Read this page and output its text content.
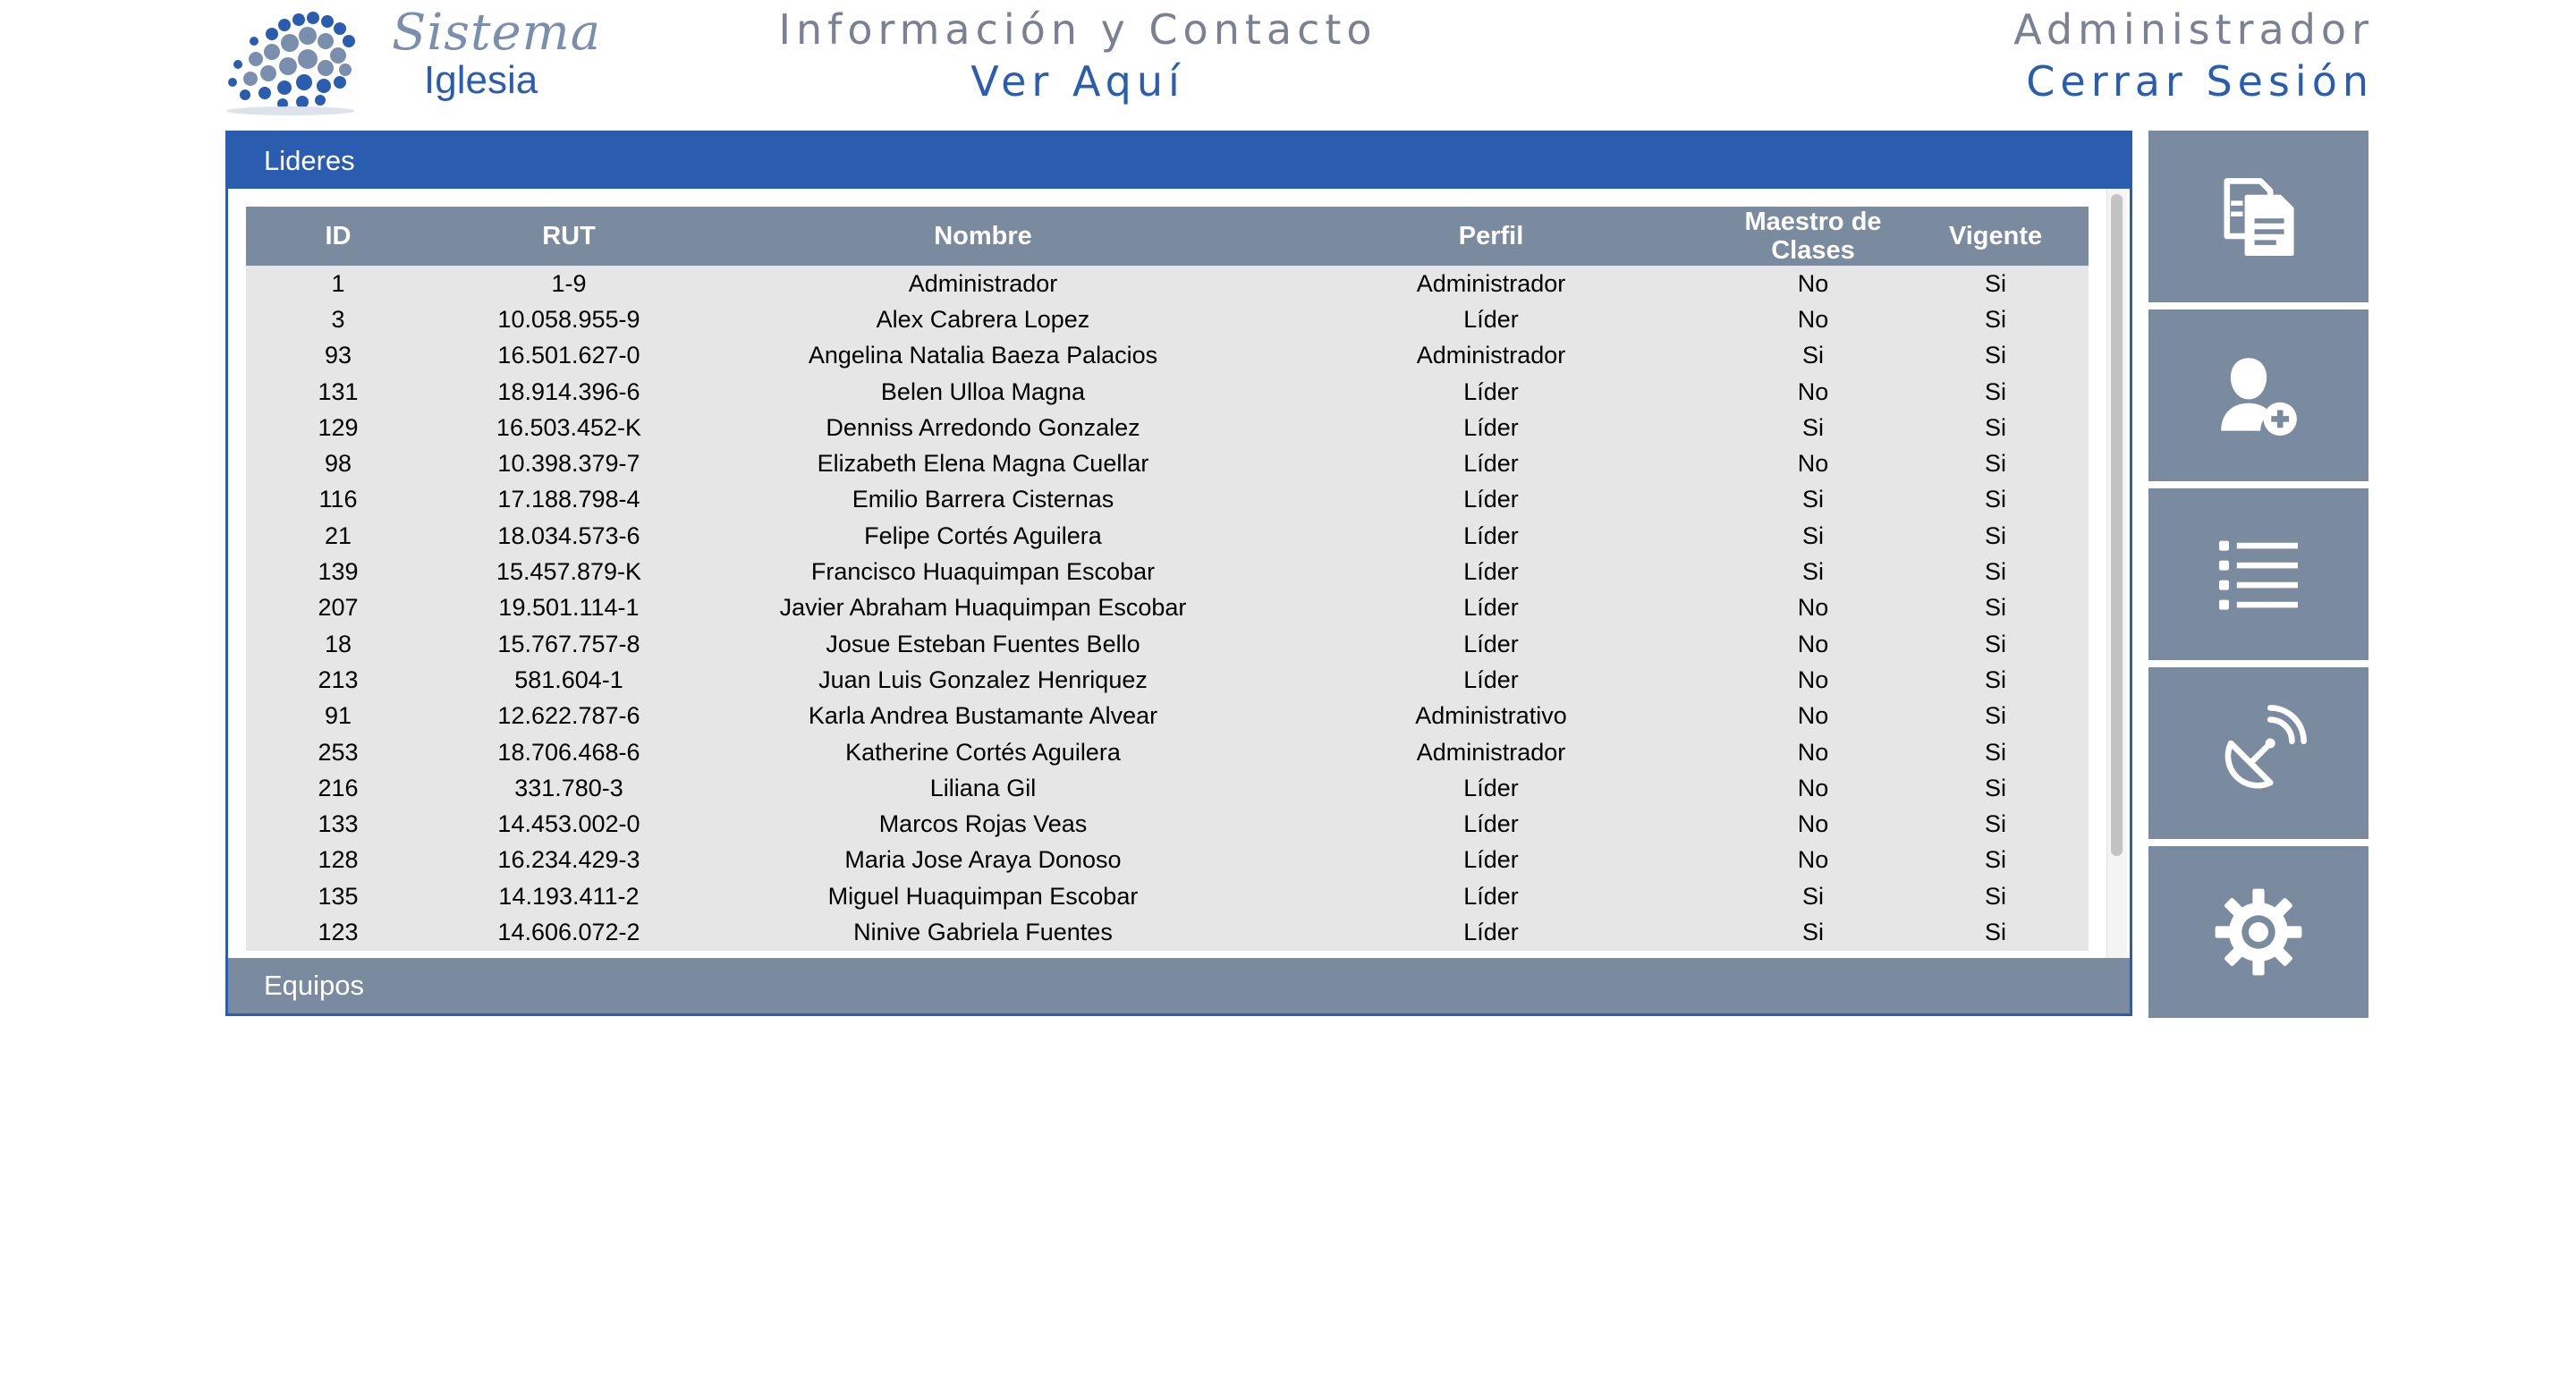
Sistema
Iglesia
Información y Contacto
Ver Aquí
Administrador
Cerrar Sesión
Lideres
ID	RUT	Nombre	Perfil	Maestro de Clases	Vigente
1	1-9	Administrador	Administrador	No	Si
3	10.058.955-9	Alex Cabrera Lopez	Líder	No	Si
93	16.501.627-0	Angelina Natalia Baeza Palacios	Administrador	Si	Si
131	18.914.396-6	Belen Ulloa Magna	Líder	No	Si
129	16.503.452-K	Denniss Arredondo Gonzalez	Líder	Si	Si
98	10.398.379-7	Elizabeth Elena Magna Cuellar	Líder	No	Si
116	17.188.798-4	Emilio Barrera Cisternas	Líder	Si	Si
21	18.034.573-6	Felipe Cortés Aguilera	Líder	Si	Si
139	15.457.879-K	Francisco Huaquimpan Escobar	Líder	Si	Si
207	19.501.114-1	Javier Abraham Huaquimpan Escobar	Líder	No	Si
18	15.767.757-8	Josue Esteban Fuentes Bello	Líder	No	Si
213	581.604-1	Juan Luis Gonzalez Henriquez	Líder	No	Si
91	12.622.787-6	Karla Andrea Bustamante Alvear	Administrativo	No	Si
253	18.706.468-6	Katherine Cortés Aguilera	Administrador	No	Si
216	331.780-3	Liliana Gil	Líder	No	Si
133	14.453.002-0	Marcos Rojas Veas	Líder	No	Si
128	16.234.429-3	Maria Jose Araya Donoso	Líder	No	Si
135	14.193.411-2	Miguel Huaquimpan Escobar	Líder	Si	Si
123	14.606.072-2	Ninive Gabriela Fuentes	Líder	Si	Si
Equipos
